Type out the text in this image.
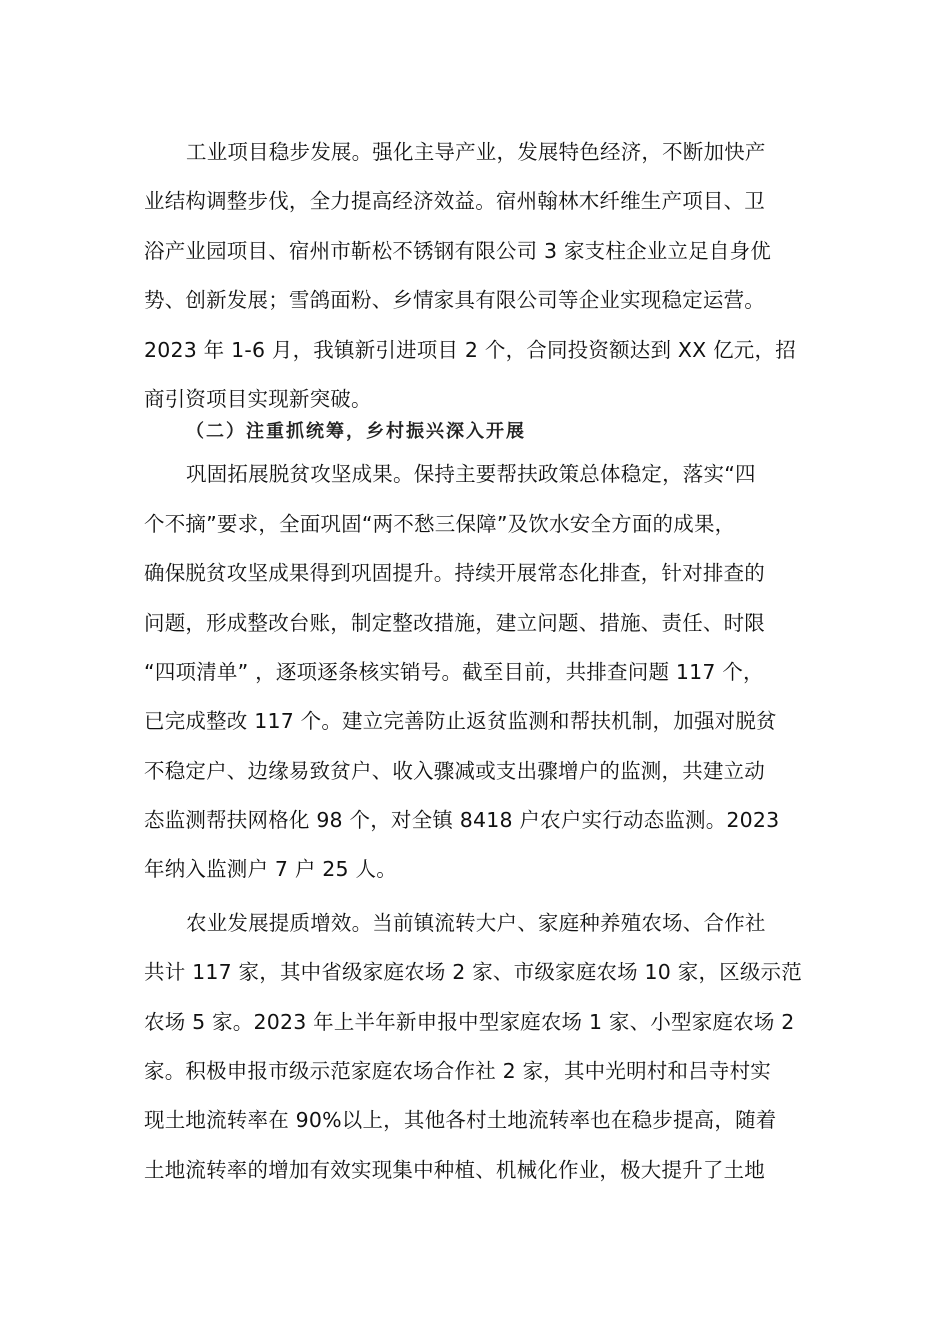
工业项目稳步发展。强化主导产业，发展特色经济，不断加快产
业结构调整步伐，全力提高经济效益。宿州翰林木纤维生产项目、卫
浴产业园项目、宿州市靳松不锈钢有限公司 3 家支柱企业立足自身优
势、创新发展；雪鸽面粉、乡情家具有限公司等企业实现稳定运营。
2023 年 1-6 月，我镇新引进项目 2 个，合同投资额达到 XX 亿元，招
商引资项目实现新突破。

（二）注重抓统筹，乡村振兴深入开展

巩固拓展脱贫攻坚成果。保持主要帮扶政策总体稳定，落实“四
个不摘”要求，全面巩固“两不愁三保障”及饮水安全方面的成果，
确保脱贫攻坚成果得到巩固提升。持续开展常态化排查，针对排查的
问题，形成整改台账，制定整改措施，建立问题、措施、责任、时限
“四项清单” ，逐项逐条核实销号。截至目前，共排查问题 117 个，
已完成整改 117 个。建立完善防止返贫监测和帮扶机制，加强对脱贫
不稳定户、边缘易致贫户、收入骤减或支出骤增户的监测，共建立动
态监测帮扶网格化 98 个，对全镇 8418 户农户实行动态监测。2023
年纳入监测户 7 户 25 人。

农业发展提质增效。当前镇流转大户、家庭种养殖农场、合作社
共计 117 家，其中省级家庭农场 2 家、市级家庭农场 10 家，区级示范
农场 5 家。2023 年上半年新申报中型家庭农场 1 家、小型家庭农场 2
家。积极申报市级示范家庭农场合作社 2 家，其中光明村和吕寺村实
现土地流转率在 90%以上，其他各村土地流转率也在稳步提高，随着
土地流转率的增加有效实现集中种植、机械化作业，极大提升了土地
